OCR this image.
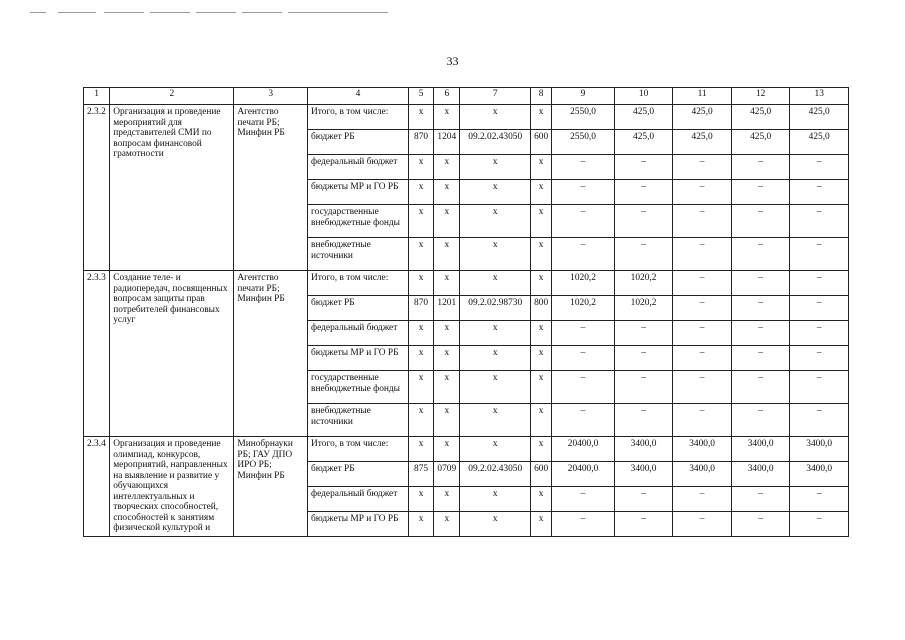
33
1	2	3	4	5	6	7	8	9	10	11	12	13
2.3.2	Организация и проведение мероприятий для представителей СМИ по вопросам финансовой грамотности	Агентство печати РБ; Минфин РБ	Итого, в том числе:	x	x	x	x	2550,0	425,0	425,0	425,0	425,0
			бюджет РБ	870	1204	09.2.02.43050	600	2550,0	425,0	425,0	425,0	425,0
			федеральный бюджет	x	x	x	x	–	–	–	–	–
			бюджеты МР и ГО РБ	x	x	x	x	–	–	–	–	–
			государственные внебюджетные фонды	x	x	x	x	–	–	–	–	–
			внебюджетные источники	x	x	x	x	–	–	–	–	–
2.3.3	Создание теле- и радиопередач, посвященных вопросам защиты прав потребителей финансовых услуг	Агентство печати РБ; Минфин РБ	Итого, в том числе:	x	x	x	x	1020,2	1020,2	–	–	–
			бюджет РБ	870	1201	09.2.02.98730	800	1020,2	1020,2	–	–	–
			федеральный бюджет	x	x	x	x	–	–	–	–	–
			бюджеты МР и ГО РБ	x	x	x	x	–	–	–	–	–
			государственные внебюджетные фонды	x	x	x	x	–	–	–	–	–
			внебюджетные источники	x	x	x	x	–	–	–	–	–
2.3.4	Организация и проведение олимпиад, конкурсов, мероприятий, направленных на выявление и развитие у обучающихся интеллектуальных и творческих способностей, способностей к занятиям физической культурой и	Минобрнауки РБ; ГАУ ДПО ИРО РБ; Минфин РБ	Итого, в том числе:	x	x	x	x	20400,0	3400,0	3400,0	3400,0	3400,0
			бюджет РБ	875	0709	09.2.02.43050	600	20400,0	3400,0	3400,0	3400,0	3400,0
			федеральный бюджет	x	x	x	x	–	–	–	–	–
			бюджеты МР и ГО РБ	x	x	x	x	–	–	–	–	–
